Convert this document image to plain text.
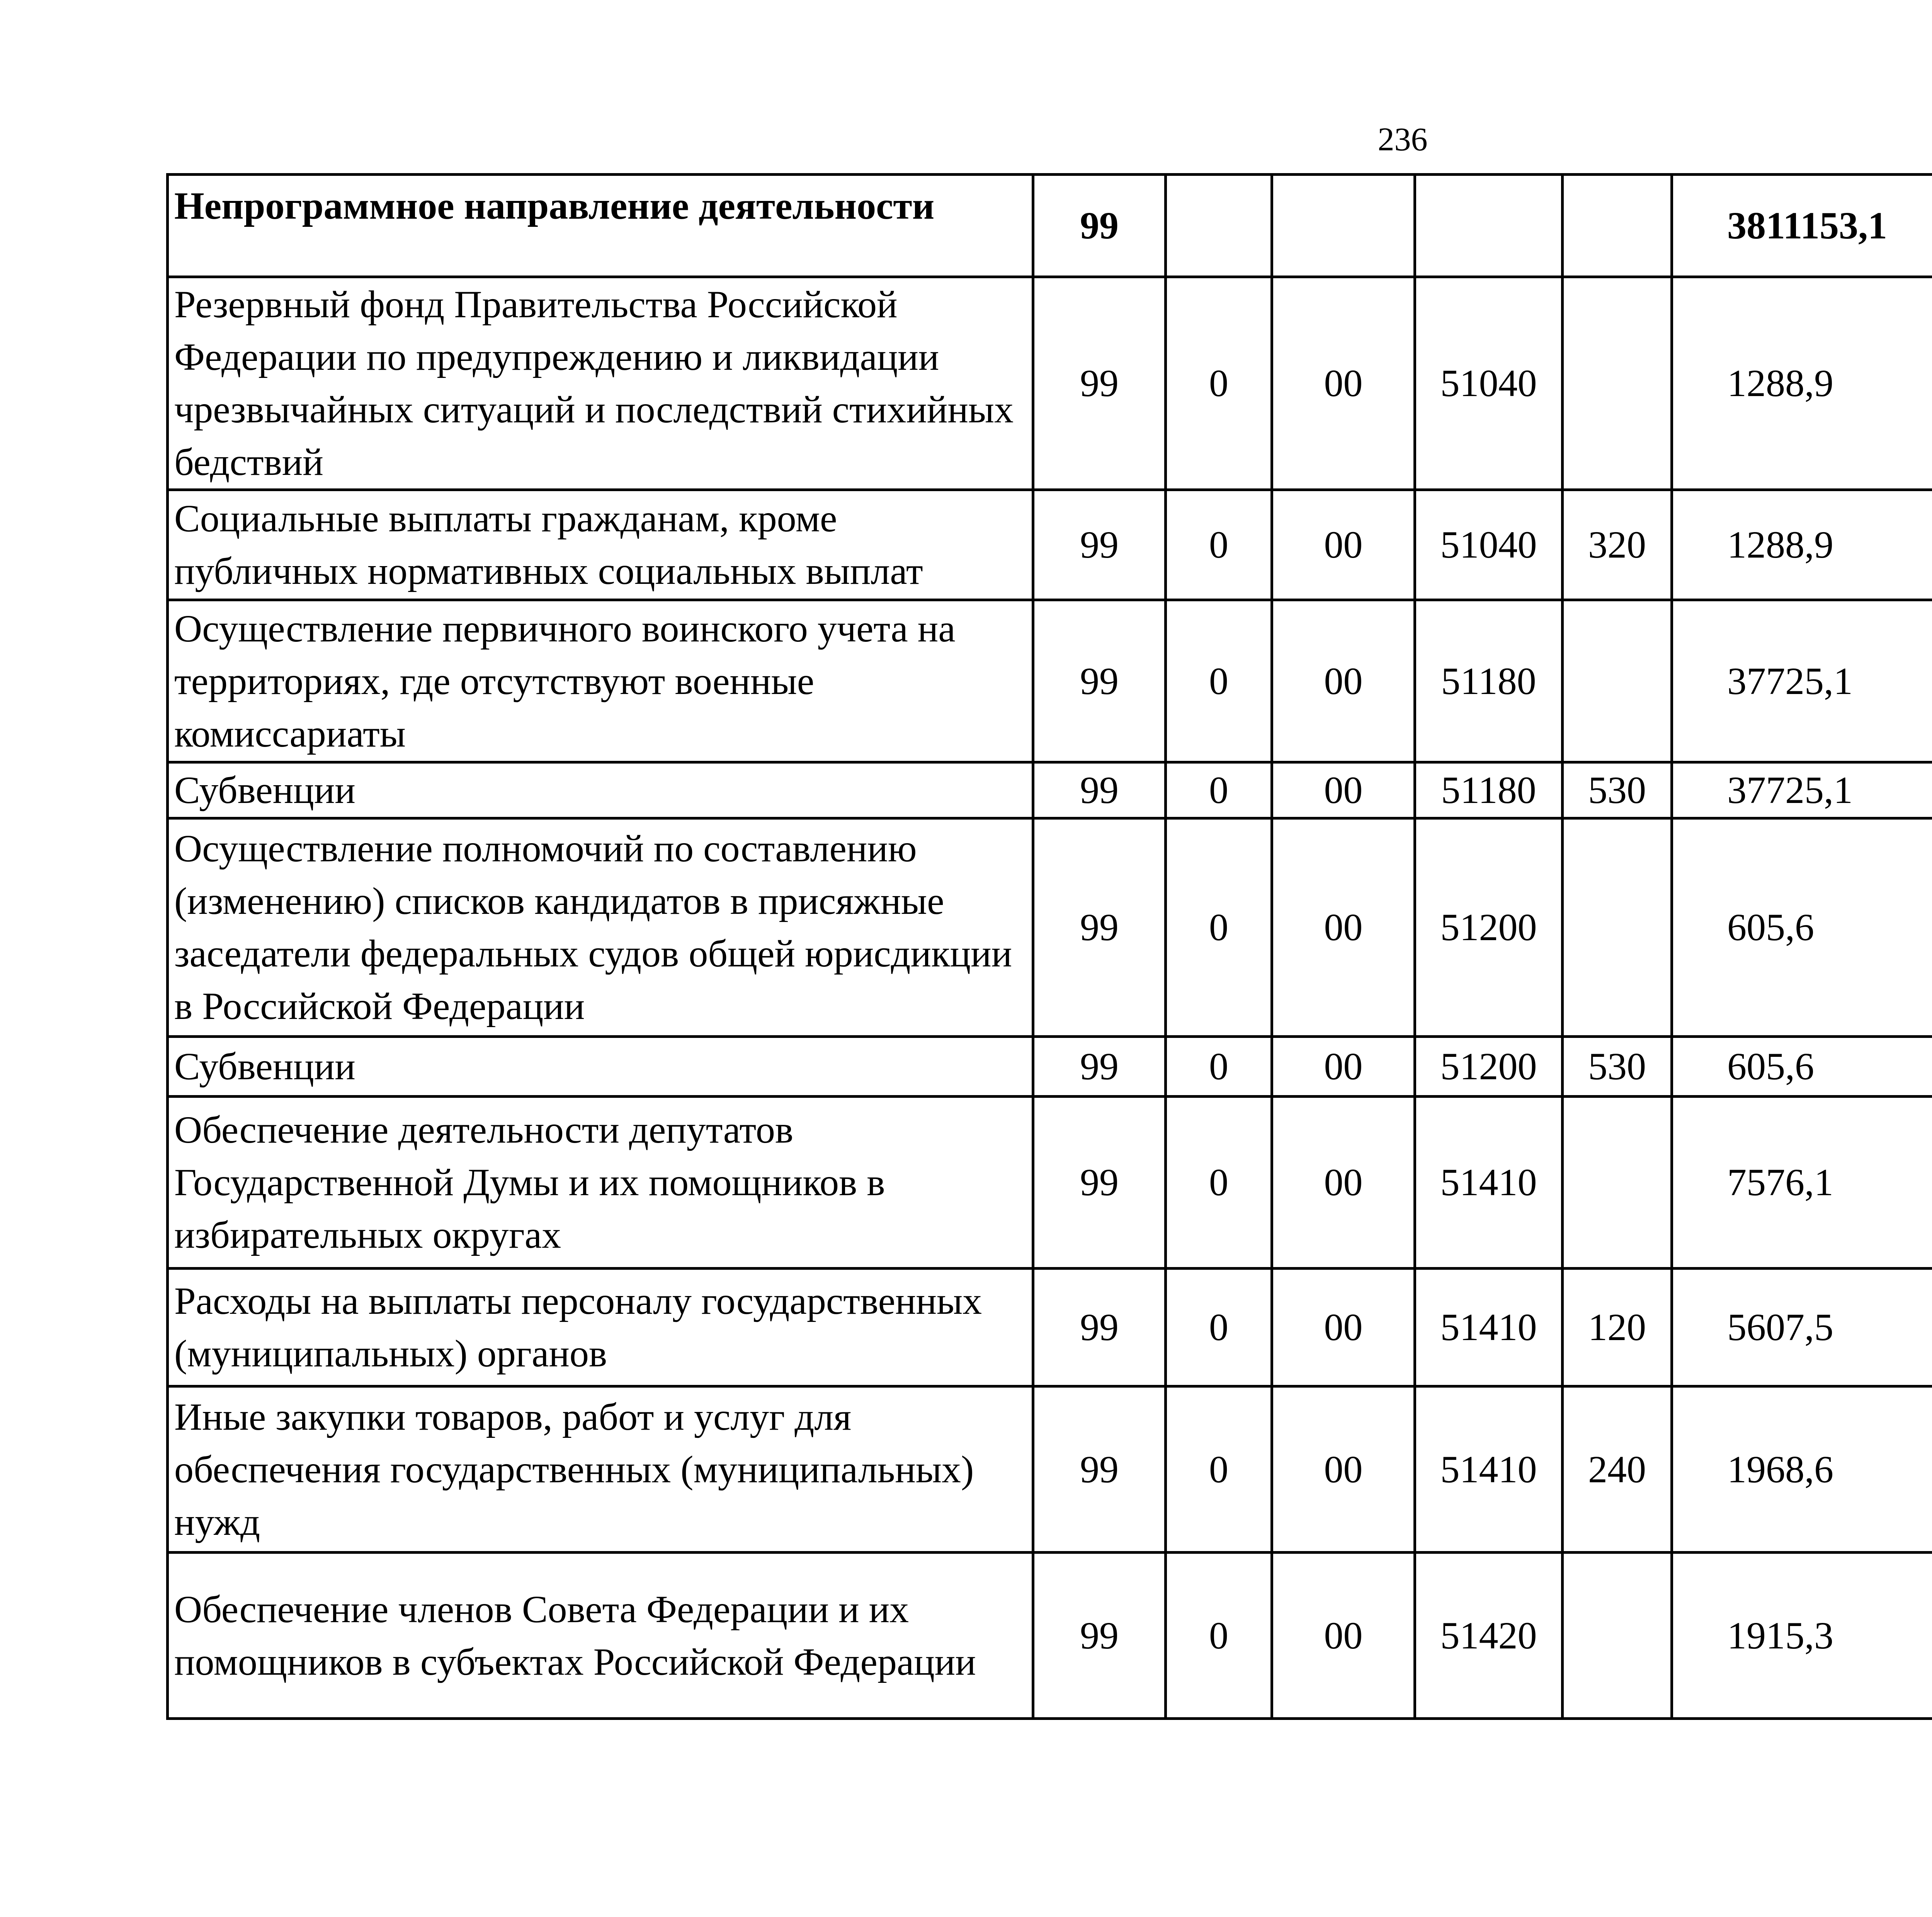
236
Непрограммное направление деятельности	99					3811153,1		
Резервный фонд Правительства Российской Федерации по предупреждению и ликвидации чрезвычайных ситуаций и последствий стихийных бедствий	99	0	00	51040		1288,9		
Социальные выплаты гражданам, кроме публичных нормативных социальных выплат	99	0	00	51040	320	1288,9		
Осуществление первичного воинского учета на территориях, где отсутствуют военные комиссариаты	99	0	00	51180		37725,1		
Субвенции	99	0	00	51180	530	37725,1		
Осуществление полномочий по составлению (изменению) списков кандидатов в присяжные заседатели федеральных судов общей юрисдикции в Российской Федерации	99	0	00	51200		605,6		
Субвенции	99	0	00	51200	530	605,6		
Обеспечение деятельности депутатов Государственной Думы и их помощников в избирательных округах	99	0	00	51410		7576,1		
Расходы на выплаты персоналу государственных (муниципальных) органов	99	0	00	51410	120	5607,5		
Иные закупки товаров, работ и услуг для обеспечения государственных (муниципальных) нужд	99	0	00	51410	240	1968,6		
Обеспечение членов Совета Федерации и их помощников в субъектах Российской Федерации	99	0	00	51420		1915,3		
